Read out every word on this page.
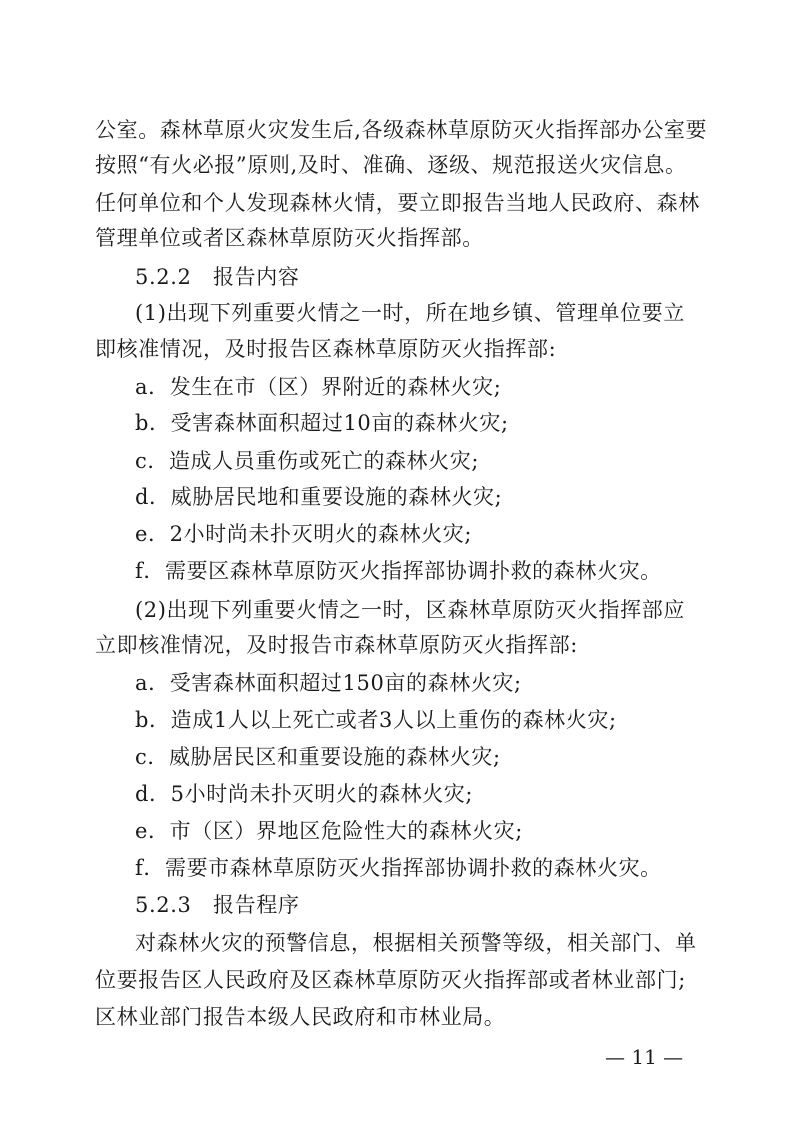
公室。森林草原火灾发生后,各级森林草原防灭火指挥部办公室要
按照“有火必报”原则,及时、准确、逐级、规范报送火灾信息。
任何单位和个人发现森林火情，要立即报告当地人民政府、森林
管理单位或者区森林草原防灭火指挥部。
5.2.2　报告内容
(1)出现下列重要火情之一时，所在地乡镇、管理单位要立
即核准情况，及时报告区森林草原防灭火指挥部:
a．发生在市（区）界附近的森林火灾;
b．受害森林面积超过10亩的森林火灾;
c．造成人员重伤或死亡的森林火灾;
d．威胁居民地和重要设施的森林火灾;
e．2小时尚未扑灭明火的森林火灾;
f．需要区森林草原防灭火指挥部协调扑救的森林火灾。
(2)出现下列重要火情之一时，区森林草原防灭火指挥部应
立即核准情况，及时报告市森林草原防灭火指挥部:
a．受害森林面积超过150亩的森林火灾;
b．造成1人以上死亡或者3人以上重伤的森林火灾;
c．威胁居民区和重要设施的森林火灾;
d．5小时尚未扑灭明火的森林火灾;
e．市（区）界地区危险性大的森林火灾;
f．需要市森林草原防灭火指挥部协调扑救的森林火灾。
5.2.3　报告程序
对森林火灾的预警信息，根据相关预警等级，相关部门、单
位要报告区人民政府及区森林草原防灭火指挥部或者林业部门;
区林业部门报告本级人民政府和市林业局。
— 11 —
